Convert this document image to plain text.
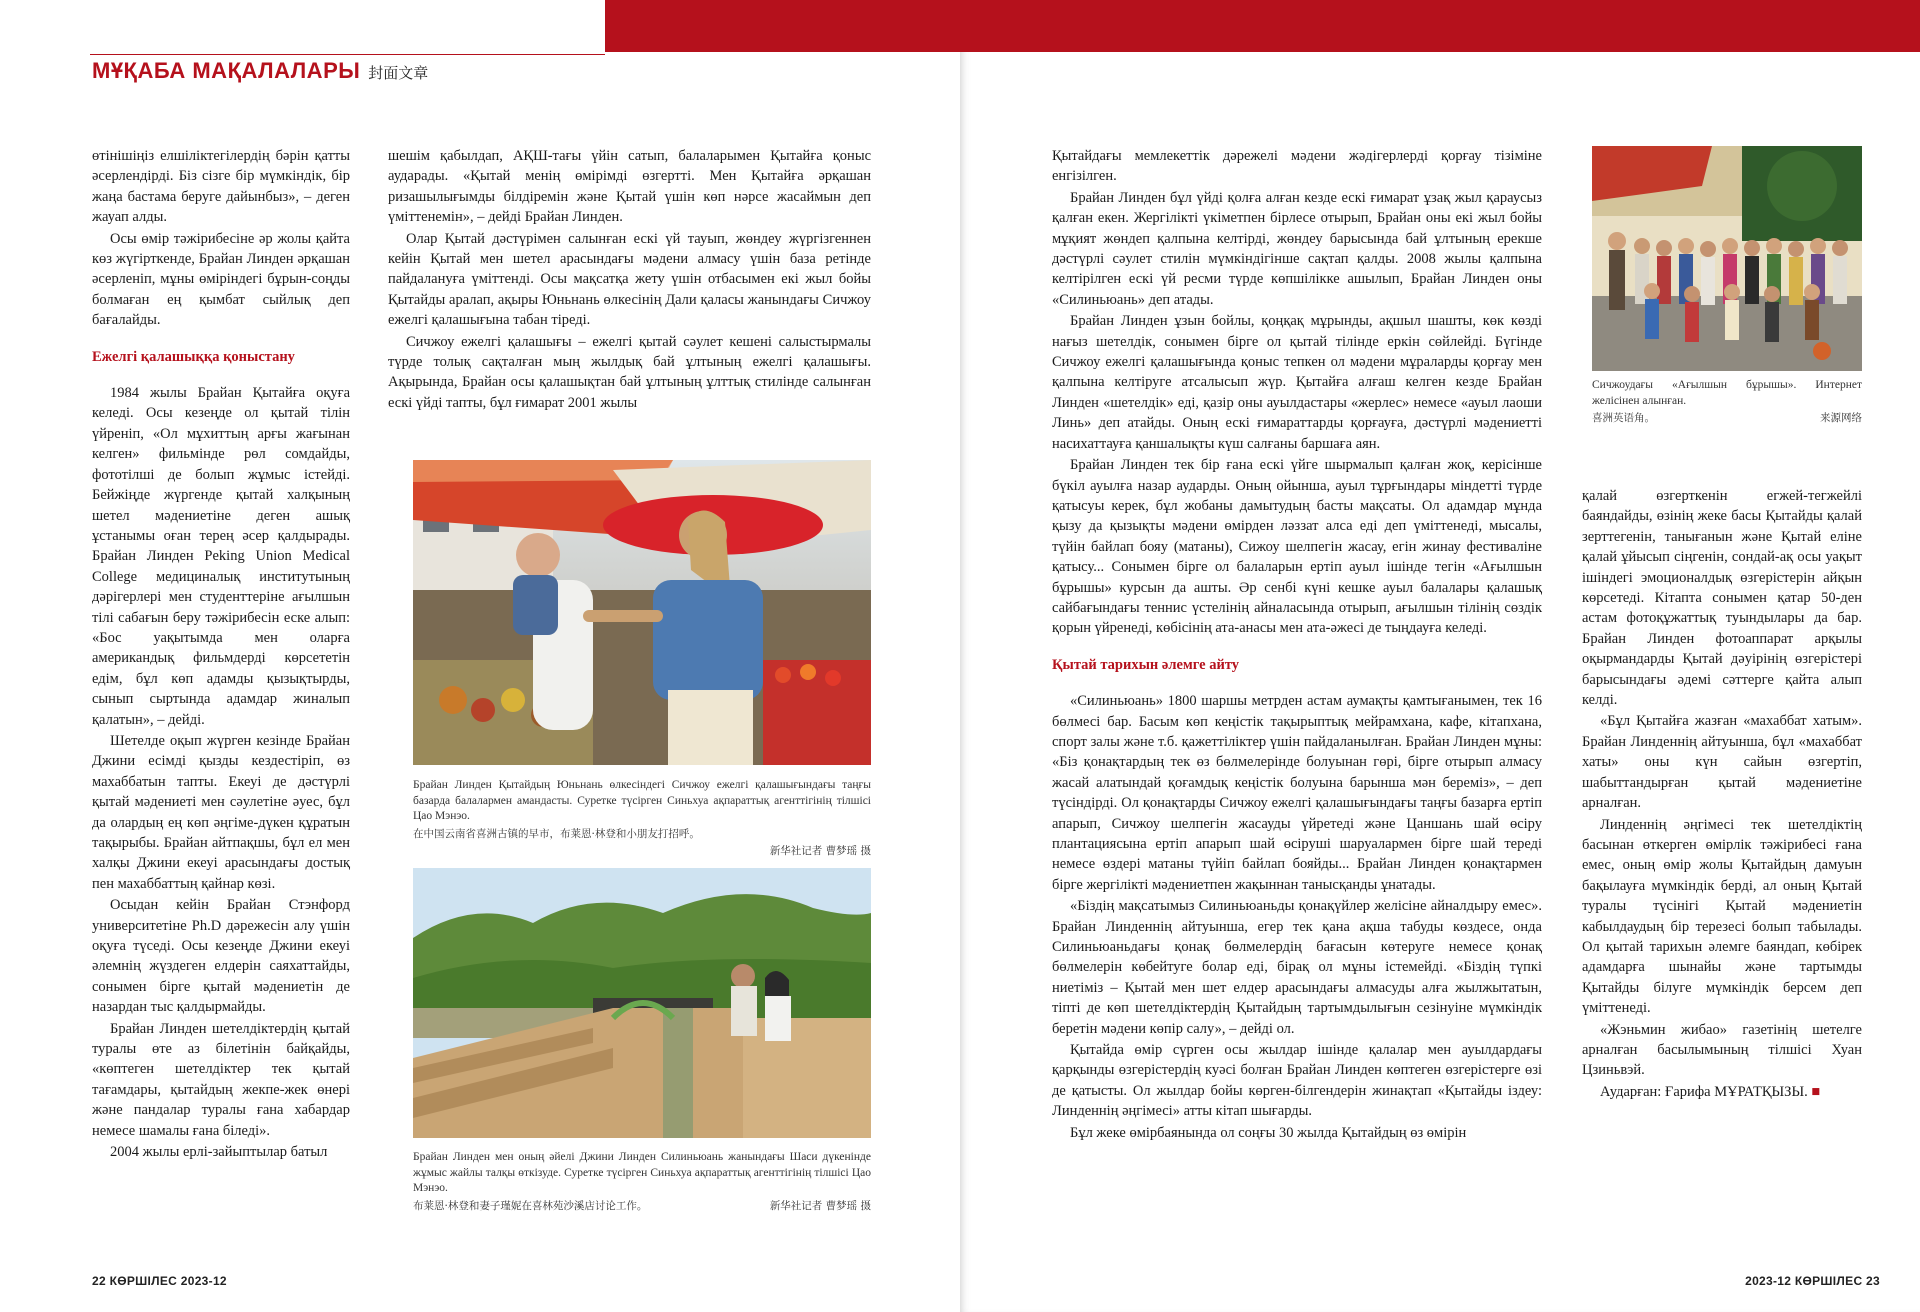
МҰҚАБА МАҚАЛАЛАРЫ 封面文章

өтінішіңіз елшіліктегілердің бәрін қатты әсерлендірді. Біз сізге бір мүмкіндік, бір жаңа бастама беруге дайынбыз», – деген жауап алды.

Осы өмір тәжірибесіне әр жолы қайта көз жүгірткенде, Брайан Линден әрқашан әсерленіп, мұны өміріндегі бұрын-соңды болмаған ең қымбат сыйлық деп бағалайды.

Ежелгі қалашыққа қоныстану

1984 жылы Брайан Қытайға оқуға келеді. Осы кезеңде ол қытай тілін үйреніп, «Ол мұхиттың арғы жағынан келген» фильмінде рөл сомдайды, фототілші де болып жұмыс істейді. Бейжіңде жүргенде қытай халқының шетел мәдениетіне деген ашық ұстанымы оған терең әсер қалдырады. Брайан Линден Peking Union Medical College медициналық институтының дәрігерлері мен студенттеріне ағылшын тілі сабағын беру тәжірибесін еске алып: «Бос уақытымда мен оларға американдық фильмдерді көрсететін едім, бұл көп адамды қызықтырды, сынып сыртында адамдар жиналып қалатын», – дейді.

Шетелде оқып жүрген кезінде Брайан Джини есімді қызды кездестіріп, өз махаббатын тапты. Екеуі де дәстүрлі қытай мәдениеті мен сәулетіне әуес, бұл да олардың ең көп әңгіме-дүкен құратын тақырыбы. Брайан айтпақшы, бұл ел мен халқы Джини екеуі арасындағы достық пен махаббаттың қайнар көзі.

Осыдан кейін Брайан Стэнфорд университетіне Ph.D дәрежесін алу үшін оқуға түседі. Осы кезеңде Джини екеуі әлемнің жүздеген елдерін саяхаттайды, сонымен бірге қытай мәдениетін де назардан тыс қалдырмайды.

Брайан Линден шетелдіктердің қытай туралы өте аз білетінін байқайды, «көптеген шетелдіктер тек қытай тағамдары, қытайдың жекпе-жек өнері және пандалар туралы ғана хабардар немесе шамалы ғана біледі».

2004 жылы ерлі-зайыптылар батыл

шешім қабылдап, АҚШ-тағы үйін сатып, балаларымен Қытайға қоныс аударады. «Қытай менің өмірімді өзгертті. Мен Қытайға әрқашан ризашылығымды білдіремін және Қытай үшін көп нәрсе жасаймын деп үміттенемін», – дейді Брайан Линден.

Олар Қытай дәстүрімен салынған ескі үй тауып, жөндеу жүргізгеннен кейін Қытай мен шетел арасындағы мәдени алмасу үшін база ретінде пайдалануға үміттенді. Осы мақсатқа жету үшін отбасымен екі жыл бойы Қытайды аралап, ақыры Юньнань өлкесінің Дали қаласы жанындағы Сичжоу ежелгі қалашығына табан тіреді.

Сичжоу ежелгі қалашығы – ежелгі қытай сәулет кешені салыстырмалы түрде толық сақталған мың жылдық бай ұлтының ежелгі қалашығы. Ақырында, Брайан осы қалашықтан бай ұлтының ұлттық стилінде салынған ескі үйді тапты, бұл ғимарат 2001 жылы

Брайан Линден Қытайдың Юньнань өлкесіндегі Сичжоу ежелгі қалашығындағы таңғы базарда балалармен амандасты. Суретке түсірген Синьхуа ақпараттық агенттігінің тілшісі Цао Мэнэо.
在中国云南省喜洲古镇的早市，布莱恩·林登和小朋友打招呼。
新华社记者 曹梦瑶 摄
Брайан Линден мен оның әйелі Джини Линден Силиньюань жанындағы Шаси дүкенінде жұмыс жайлы талқы өткізуде. Суретке түсірген Синьхуа ақпараттық агенттігінің тілшісі Цао Мэнэо.
布莱恩·林登和妻子瑾妮在喜林苑沙溪店讨论工作。	新华社记者 曹梦瑶 摄
22 КӨРШІЛЕС 2023-12

Қытайдағы мемлекеттік дәрежелі мәдени жәдігерлерді қорғау тізіміне енгізілген.

Брайан Линден бұл үйді қолға алған кезде ескі ғимарат ұзақ жыл қараусыз қалған екен. Жергілікті үкіметпен бірлесе отырып, Брайан оны екі жыл бойы мұқият жөндеп қалпына келтірді, жөндеу барысында бай ұлтының ерекше дәстүрлі сәулет стилін мүмкіндігінше сақтап қалды. 2008 жылы қалпына келтірілген ескі үй ресми түрде көпшілікке ашылып, Брайан Линден оны «Силиньюань» деп атады.

Брайан Линден ұзын бойлы, қоңқақ мұрынды, ақшыл шашты, көк көзді нағыз шетелдік, сонымен бірге ол қытай тілінде еркін сөйлейді. Бүгінде Сичжоу ежелгі қалашығында қоныс тепкен ол мәдени мұраларды қорғау мен қалпына келтіруге атсалысып жүр. Қытайға алғаш келген кезде Брайан Линден «шетелдік» еді, қазір оны ауылдастары «жерлес» немесе «ауыл лаоши Линь» деп атайды. Оның ескі ғимараттарды қорғауға, дәстүрлі мәдениетті насихаттауға қаншалықты күш салғаны баршаға аян.

Брайан Линден тек бір ғана ескі үйге шырмалып қалған жоқ, керісінше бүкіл ауылға назар аударды. Оның ойынша, ауыл тұрғындары міндетті түрде қатысуы керек, бұл жобаны дамытудың басты мақсаты. Ол адамдар мұнда қызу да қызықты мәдени өмірден ләззат алса еді деп үміттенеді, мысалы, түйін байлап бояу (матаны), Сижоу шелпегін жасау, егін жинау фестиваліне қатысу... Сонымен бірге ол балаларын ертіп ауыл ішінде тегін «Ағылшын бұрышы» курсын да ашты. Әр сенбі күні кешке ауыл балалары қалашық сайбағындағы теннис үстелінің айналасында отырып, ағылшын тілінің сөздік қорын үйренеді, көбісінің ата-анасы мен ата-әжесі де тыңдауға келеді.

Қытай тарихын әлемге айту

«Силиньюань» 1800 шаршы метрден астам аумақты қамтығанымен, тек 16 бөлмесі бар. Басым көп кеңістік тақырыптық мейрамхана, кафе, кітапхана, спорт залы және т.б. қажеттіліктер үшін пайдаланылған. Брайан Линден мұны: «Біз қонақтардың тек өз бөлмелерінде болуынан гөрі, бірге отырып алмасу жасай алатындай қоғамдық кеңістік болуына барынша мән береміз», – деп түсіндірді. Ол қонақтарды Сичжоу ежелгі қалашығындағы таңғы базарға ертіп апарып, Сичжоу шелпегін жасауды үйретеді және Цаншань шай өсіру плантациясына ертіп апарып шай өсіруші шаруалармен бірге шай тереді немесе өздері матаны түйіп байлап бояйды... Брайан Линден қонақтармен бірге жергілікті мәдениетпен жақыннан танысқанды ұнатады.

«Біздің мақсатымыз Силиньюаньды қонақүйлер желісіне айналдыру емес». Брайан Линденнің айтуынша, егер тек қана ақша табуды көздесе, онда Силиньюаньдағы қонақ бөлмелердің бағасын көтеруге немесе қонақ бөлмелерін көбейтуге болар еді, бірақ ол мұны істемейді. «Біздің түпкі ниетіміз – Қытай мен шет елдер арасындағы алмасуды алға жылжытатын, тіпті де көп шетелдіктердің Қытайдың тартымдылығын сезінуіне мүмкіндік беретін мәдени көпір салу», – дейді ол.

Қытайда өмір сүрген осы жылдар ішінде қалалар мен ауылдардағы қарқынды өзгерістердің куәсі болған Брайан Линден көптеген өзгерістерге өзі де қатысты. Ол жылдар бойы көрген-білгендерін жинақтап «Қытайды іздеу: Линденнің әңгімесі» атты кітап шығарды.

Бұл жеке өмірбаянында ол соңғы 30 жылда Қытайдың өз өмірін

Сичжоудағы «Ағылшын бұрышы». Интернет желісінен алынған.
喜洲英语角。	来源网络

қалай өзгерткенін егжей-тегжейлі баяндайды, өзінің жеке басы Қытайды қалай зерттегенін, танығанын және Қытай еліне қалай ұйысып сіңгенін, сондай-ақ осы уақыт ішіндегі эмоционалдық өзгерістерін айқын көрсетеді. Кітапта сонымен қатар 50-ден астам фотоқұжаттық туындылары да бар. Брайан Линден фотоаппарат арқылы оқырмандарды Қытай дәуірінің өзгерістері барысындағы әдемі сәттерге қайта алып келді.

«Бұл Қытайға жазған «махаббат хатым». Брайан Линденнің айтуынша, бұл «махаббат хаты» оны күн сайын өзгертіп, шабыттандырған қытай мәдениетіне арналған.

Линденнің әңгімесі тек шетелдіктің басынан өткерген өмірлік тәжірибесі ғана емес, оның өмір жолы Қытайдың дамуын бақылауға мүмкіндік берді, ал оның Қытай туралы түсінігі Қытай мәдениетін кабылдаудың бір терезесі болып табылады. Ол қытай тарихын әлемге баяндап, көбірек адамдарға шынайы және тартымды Қытайды білуге мүмкіндік берсем деп үміттенеді.

«Жэньмин жибао» газетінің шетелге арналған басылымының тілшісі Хуан Цзиньвэй.

Аударған: Ғарифа МҰРАТҚЫЗЫ. ■

2023-12 КӨРШІЛЕС 23
